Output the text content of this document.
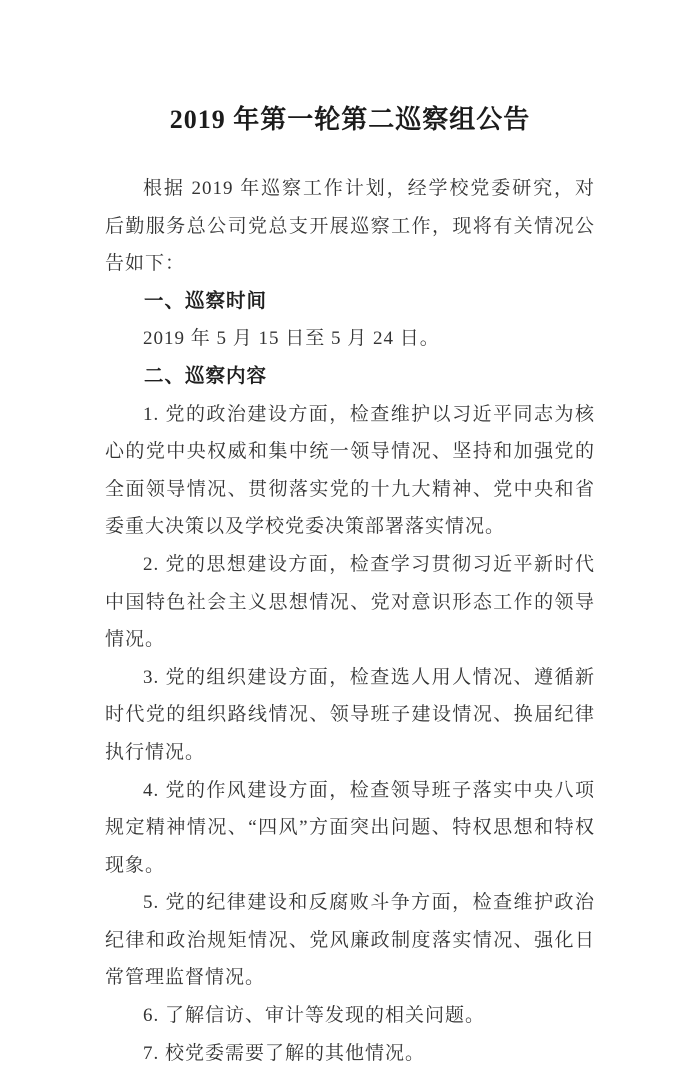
2019 年第一轮第二巡察组公告

根据 2019 年巡察工作计划，经学校党委研究，对后勤服务总公司党总支开展巡察工作，现将有关情况公告如下：

一、巡察时间

2019 年 5 月 15 日至 5 月 24 日。

二、巡察内容

1. 党的政治建设方面，检查维护以习近平同志为核心的党中央权威和集中统一领导情况、坚持和加强党的全面领导情况、贯彻落实党的十九大精神、党中央和省委重大决策以及学校党委决策部署落实情况。

2. 党的思想建设方面，检查学习贯彻习近平新时代中国特色社会主义思想情况、党对意识形态工作的领导情况。

3. 党的组织建设方面，检查选人用人情况、遵循新时代党的组织路线情况、领导班子建设情况、换届纪律执行情况。

4. 党的作风建设方面，检查领导班子落实中央八项规定精神情况、“四风”方面突出问题、特权思想和特权现象。

5. 党的纪律建设和反腐败斗争方面，检查维护政治纪律和政治规矩情况、党风廉政制度落实情况、强化日常管理监督情况。

6. 了解信访、审计等发现的相关问题。

7. 校党委需要了解的其他情况。
